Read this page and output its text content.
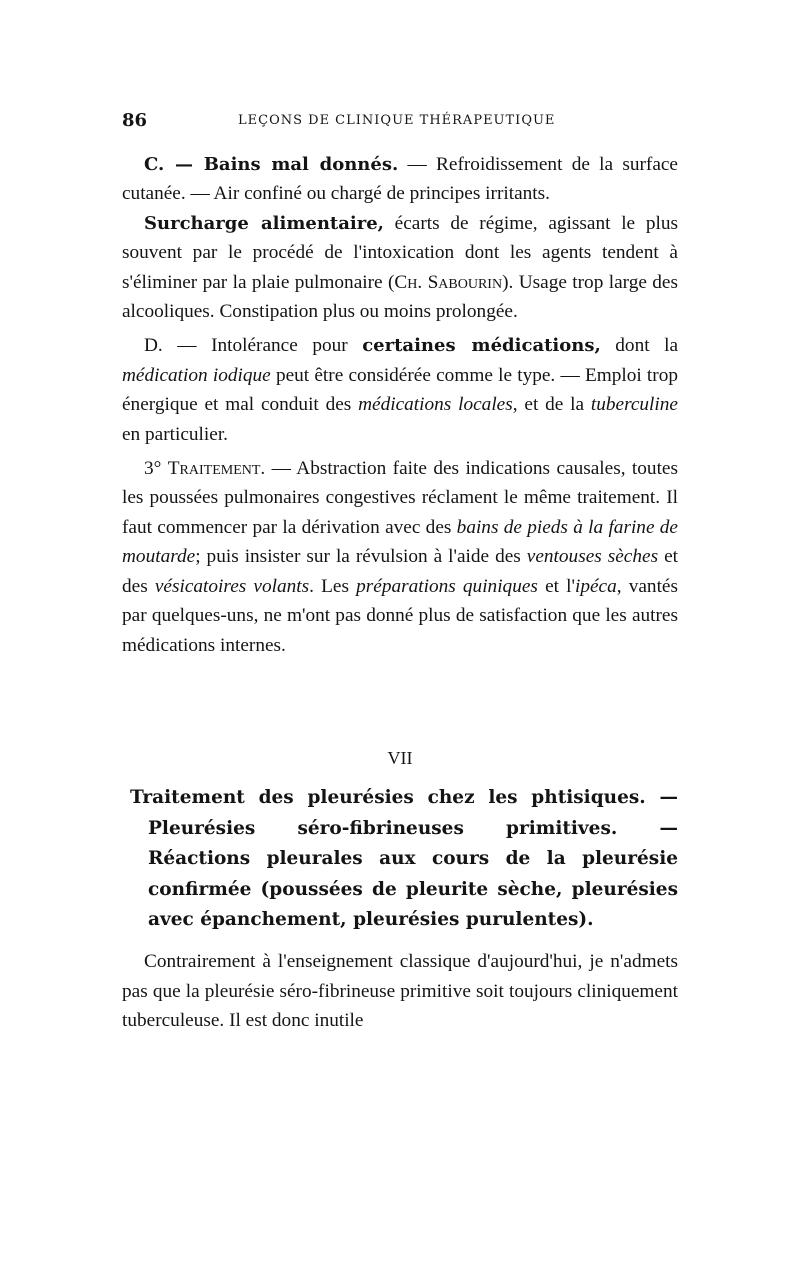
86	LEÇONS DE CLINIQUE THÉRAPEUTIQUE

C. — Bains mal donnés. — Refroidissement de la surface cutanée. — Air confiné ou chargé de principes irritants.

Surcharge alimentaire, écarts de régime, agissant le plus souvent par le procédé de l'intoxication dont les agents tendent à s'éliminer par la plaie pulmonaire (Ch. Sabourin). Usage trop large des alcooliques. Constipation plus ou moins prolongée.

D. — Intolérance pour certaines médications, dont la médication iodique peut être considérée comme le type. — Emploi trop énergique et mal conduit des médications locales, et de la tuberculine en particulier.

3° Traitement. — Abstraction faite des indications causales, toutes les poussées pulmonaires congestives réclament le même traitement. Il faut commencer par la dérivation avec des bains de pieds à la farine de moutarde; puis insister sur la révulsion à l'aide des ventouses sèches et des vésicatoires volants. Les préparations quiniques et l'ipéca, vantés par quelques-uns, ne m'ont pas donné plus de satisfaction que les autres médications internes.

VII
Traitement des pleurésies chez les phtisiques. — Pleurésies séro-fibrineuses primitives. — Réactions pleurales aux cours de la pleurésie confirmée (poussées de pleurite sèche, pleurésies avec épanchement, pleurésies purulentes).

Contrairement à l'enseignement classique d'aujourd'hui, je n'admets pas que la pleurésie séro-fibrineuse primitive soit toujours cliniquement tuberculeuse. Il est donc inutile
